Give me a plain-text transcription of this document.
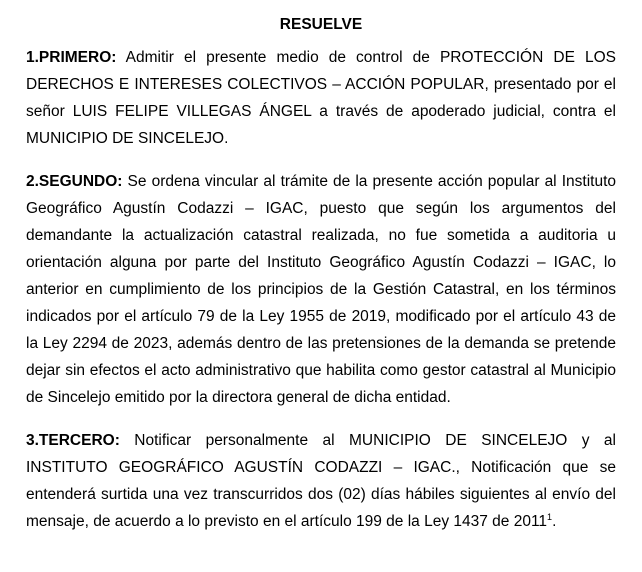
RESUELVE

1.PRIMERO: Admitir el presente medio de control de PROTECCIÓN DE LOS DERECHOS E INTERESES COLECTIVOS – ACCIÓN POPULAR, presentado por el señor LUIS FELIPE VILLEGAS ÁNGEL a través de apoderado judicial, contra el MUNICIPIO DE SINCELEJO.

2.SEGUNDO: Se ordena vincular al trámite de la presente acción popular al Instituto Geográfico Agustín Codazzi – IGAC, puesto que según los argumentos del demandante la actualización catastral realizada, no fue sometida a auditoria u orientación alguna por parte del Instituto Geográfico Agustín Codazzi – IGAC, lo anterior en cumplimiento de los principios de la Gestión Catastral, en los términos indicados por el artículo 79 de la Ley 1955 de 2019, modificado por el artículo 43 de la Ley 2294 de 2023, además dentro de las pretensiones de la demanda se pretende dejar sin efectos el acto administrativo que habilita como gestor catastral al Municipio de Sincelejo emitido por la directora general de dicha entidad.

3.TERCERO: Notificar personalmente al MUNICIPIO DE SINCELEJO y al INSTITUTO GEOGRÁFICO AGUSTÍN CODAZZI – IGAC., Notificación que se entenderá surtida una vez transcurridos dos (02) días hábiles siguientes al envío del mensaje, de acuerdo a lo previsto en el artículo 199 de la Ley 1437 de 2011$^1$.
